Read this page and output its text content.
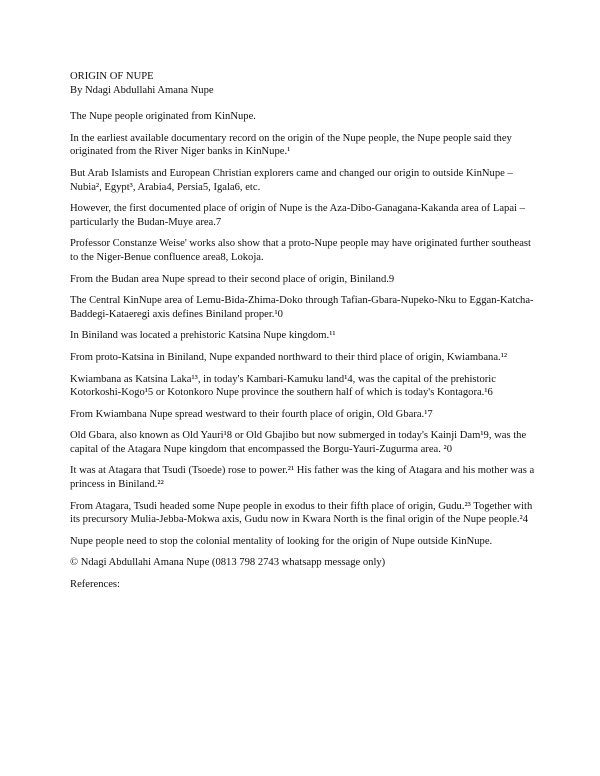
ORIGIN OF NUPE

By Ndagi Abdullahi Amana Nupe

The Nupe people originated from KinNupe.

In the earliest available documentary record on the origin of the Nupe people, the Nupe people said they originated from the River Niger banks in KinNupe.¹

But Arab Islamists and European Christian explorers came and changed our origin to outside KinNupe – Nubia², Egypt³, Arabia4, Persia5, Igala6, etc.

However, the first documented place of origin of Nupe is the Aza-Dibo-Ganagana-Kakanda area of Lapai – particularly the Budan-Muye area.7

Professor Constanze Weise' works also show that a proto-Nupe people may have originated further southeast to the Niger-Benue confluence area8, Lokoja.

From the Budan area Nupe spread to their second place of origin, Biniland.9

The Central KinNupe area of Lemu-Bida-Zhima-Doko through Tafian-Gbara-Nupeko-Nku to Eggan-Katcha-Baddegi-Kataeregi axis defines Biniland proper.¹0

In Biniland was located a prehistoric Katsina Nupe kingdom.¹¹

From proto-Katsina in Biniland, Nupe expanded northward to their third place of origin, Kwiambana.¹²

Kwiambana as Katsina Laka¹³, in today's Kambari-Kamuku land¹4, was the capital of the prehistoric Kotorkoshi-Kogo¹5 or Kotonkoro Nupe province the southern half of which is today's Kontagora.¹6

From Kwiambana Nupe spread westward to their fourth place of origin, Old Gbara.¹7

Old Gbara, also known as Old Yauri¹8 or Old Gbajibo but now submerged in today's Kainji Dam¹9, was the capital of the Atagara Nupe kingdom that encompassed the Borgu-Yauri-Zugurma area. ²0

It was at Atagara that Tsudi (Tsoede) rose to power.²¹ His father was the king of Atagara and his mother was a princess in Biniland.²²

From Atagara, Tsudi headed some Nupe people in exodus to their fifth place of origin, Gudu.²³ Together with its precursory Mulia-Jebba-Mokwa axis, Gudu now in Kwara North is the final origin of the Nupe people.²4

Nupe people need to stop the colonial mentality of looking for the origin of Nupe outside KinNupe.

© Ndagi Abdullahi Amana Nupe (0813 798 2743 whatsapp message only)

References:
